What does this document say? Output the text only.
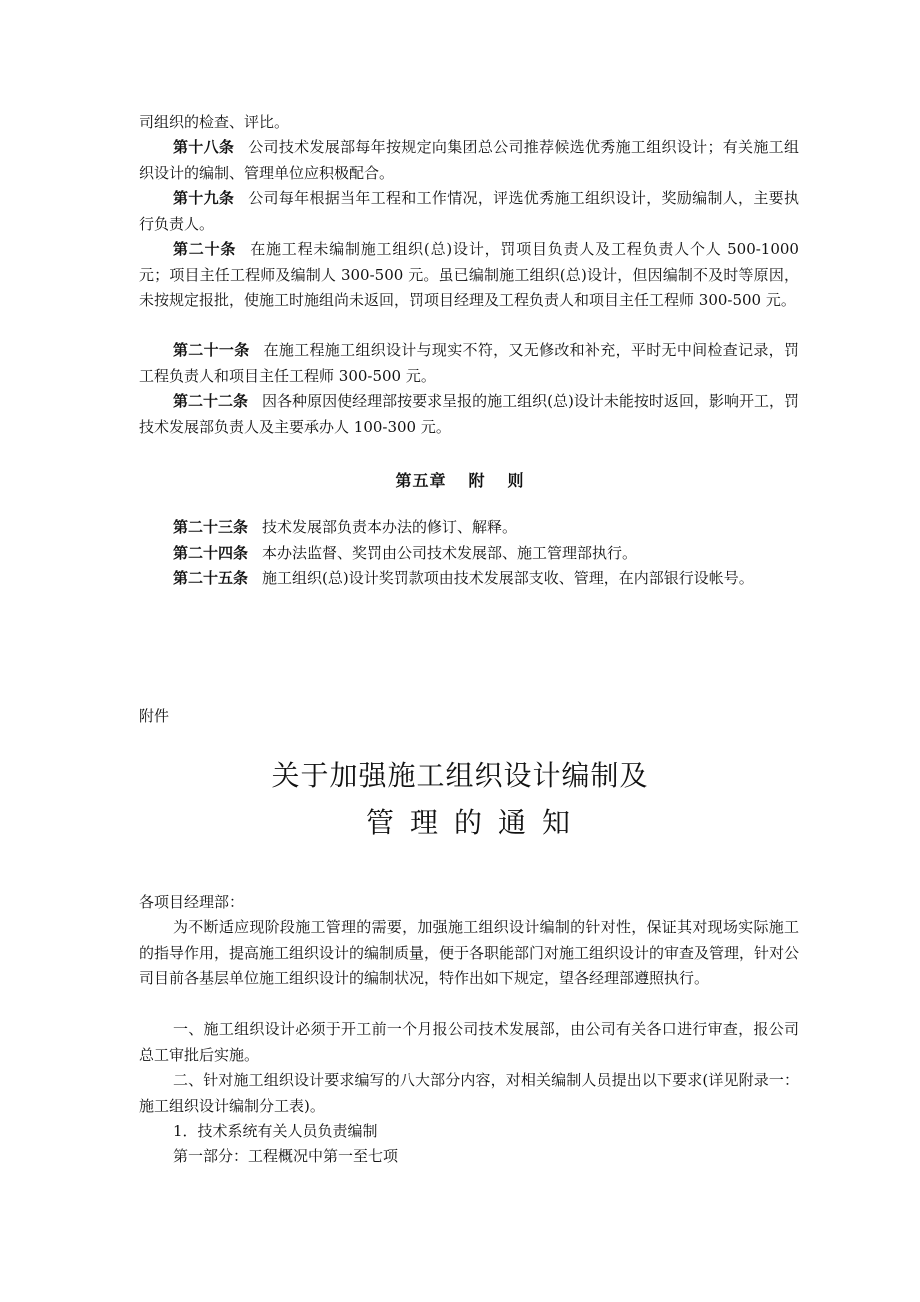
司组织的检查、评比。

第十八条 公司技术发展部每年按规定向集团总公司推荐候选优秀施工组织设计；有关施工组织设计的编制、管理单位应积极配合。

第十九条 公司每年根据当年工程和工作情况，评选优秀施工组织设计，奖励编制人，主要执行负责人。

第二十条 在施工程未编制施工组织(总)设计，罚项目负责人及工程负责人个人 500-1000 元；项目主任工程师及编制人 300-500 元。虽已编制施工组织(总)设计，但因编制不及时等原因，未按规定报批，使施工时施组尚未返回，罚项目经理及工程负责人和项目主任工程师 300-500 元。

第二十一条 在施工程施工组织设计与现实不符，又无修改和补充，平时无中间检查记录，罚工程负责人和项目主任工程师 300-500 元。

第二十二条 因各种原因使经理部按要求呈报的施工组织(总)设计未能按时返回，影响开工，罚技术发展部负责人及主要承办人 100-300 元。

第五章 附 则

第二十三条 技术发展部负责本办法的修订、解释。

第二十四条 本办法监督、奖罚由公司技术发展部、施工管理部执行。

第二十五条 施工组织(总)设计奖罚款项由技术发展部支收、管理，在内部银行设帐号。

附件

关于加强施工组织设计编制及
管理的通知

各项目经理部：

为不断适应现阶段施工管理的需要，加强施工组织设计编制的针对性，保证其对现场实际施工的指导作用，提高施工组织设计的编制质量，便于各职能部门对施工组织设计的审查及管理，针对公司目前各基层单位施工组织设计的编制状况，特作出如下规定，望各经理部遵照执行。

一、施工组织设计必须于开工前一个月报公司技术发展部，由公司有关各口进行审查，报公司总工审批后实施。

二、针对施工组织设计要求编写的八大部分内容，对相关编制人员提出以下要求(详见附录一：施工组织设计编制分工表)。

1．技术系统有关人员负责编制

第一部分：工程概况中第一至七项
